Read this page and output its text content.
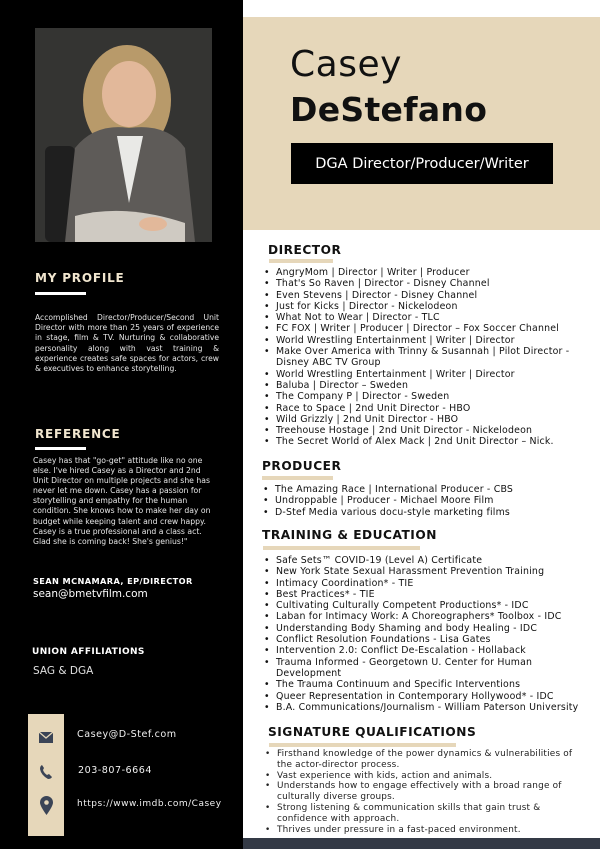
MY PROFILE
Accomplished Director/Producer/Second Unit Director with more than 25 years of experience in stage, film & TV. Nurturing & collaborative personality along with vast training & experience creates safe spaces for actors, crew & executives to enhance storytelling.
REFERENCE
Casey has that "go-get" attitude like no one else. I've hired Casey as a Director and 2nd Unit Director on multiple projects and she has never let me down. Casey has a passion for storytelling and empathy for the human condition. She knows how to make her day on budget while keeping talent and crew happy. Casey is a true professional and a class act. Glad she is coming back! She's genius!"
SEAN MCNAMARA, EP/DIRECTOR
sean@bmetvfilm.com
UNION AFFILIATIONS
SAG & DGA
Casey@D-Stef.com
203-807-6664
https://www.imdb.com/Casey
Casey
DeStefano
DGA Director/Producer/Writer
DIRECTOR
• AngryMom | Director | Writer | Producer
• That's So Raven | Director - Disney Channel
• Even Stevens | Director - Disney Channel
• Just for Kicks | Director - Nickelodeon
• What Not to Wear | Director - TLC
• FC FOX | Writer | Producer | Director – Fox Soccer Channel
• World Wrestling Entertainment | Writer | Director
• Make Over America with Trinny & Susannah | Pilot Director - Disney ABC TV Group
• World Wrestling Entertainment | Writer | Director
• Baluba | Director – Sweden
• The Company P | Director - Sweden
• Race to Space | 2nd Unit Director - HBO
• Wild Grizzly | 2nd Unit Director - HBO
• Treehouse Hostage | 2nd Unit Director - Nickelodeon
• The Secret World of Alex Mack | 2nd Unit Director – Nick.
PRODUCER
• The Amazing Race | International Producer - CBS
• Undroppable | Producer - Michael Moore Film
• D-Stef Media various docu-style marketing films
TRAINING & EDUCATION
• Safe Sets™ COVID-19 (Level A) Certificate
• New York State Sexual Harassment Prevention Training
• Intimacy Coordination* - TIE
• Best Practices* - TIE
• Cultivating Culturally Competent Productions* - IDC
• Laban for Intimacy Work: A Choreographers* Toolbox - IDC
• Understanding Body Shaming and body Healing - IDC
• Conflict Resolution Foundations - Lisa Gates
• Intervention 2.0: Conflict De-Escalation - Hollaback
• Trauma Informed - Georgetown U. Center for Human Development
• The Trauma Continuum and Specific Interventions
• Queer Representation in Contemporary Hollywood* - IDC
• B.A. Communications/Journalism - William Paterson University
SIGNATURE QUALIFICATIONS
• Firsthand knowledge of the power dynamics & vulnerabilities of the actor-director process.
• Vast experience with kids, action and animals.
• Understands how to engage effectively with a broad range of culturally diverse groups.
• Strong listening & communication skills that gain trust & confidence with approach.
• Thrives under pressure in a fast-paced environment.
